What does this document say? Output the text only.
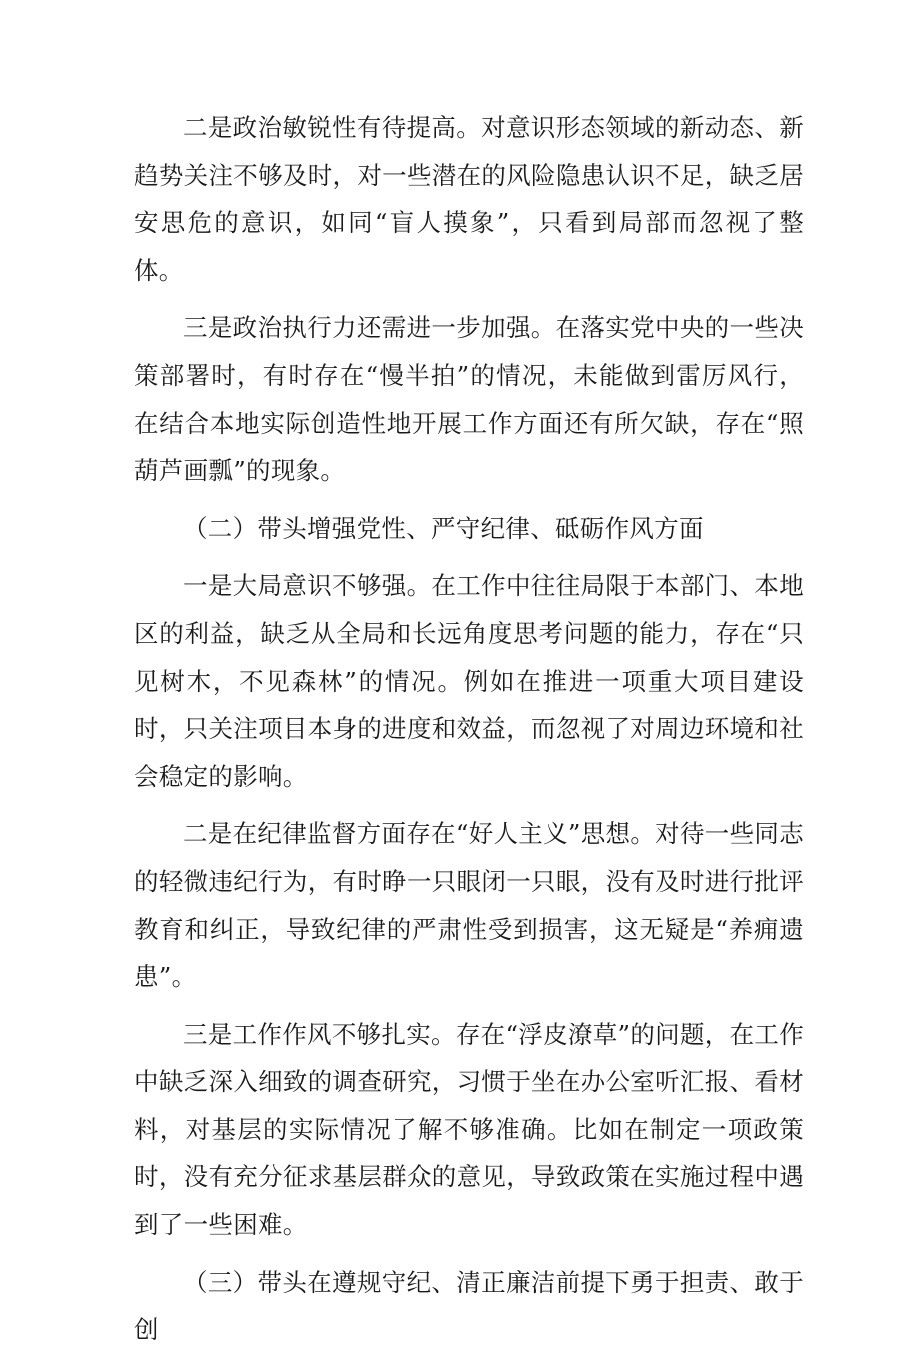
二是政治敏锐性有待提高。对意识形态领域的新动态、新趋势关注不够及时，对一些潜在的风险隐患认识不足，缺乏居安思危的意识，如同“盲人摸象”，只看到局部而忽视了整体。

三是政治执行力还需进一步加强。在落实党中央的一些决策部署时，有时存在“慢半拍”的情况，未能做到雷厉风行，在结合本地实际创造性地开展工作方面还有所欠缺，存在“照葫芦画瓢”的现象。

（二）带头增强党性、严守纪律、砥砺作风方面

一是大局意识不够强。在工作中往往局限于本部门、本地区的利益，缺乏从全局和长远角度思考问题的能力，存在“只见树木，不见森林”的情况。例如在推进一项重大项目建设时，只关注项目本身的进度和效益，而忽视了对周边环境和社会稳定的影响。

二是在纪律监督方面存在“好人主义”思想。对待一些同志的轻微违纪行为，有时睁一只眼闭一只眼，没有及时进行批评教育和纠正，导致纪律的严肃性受到损害，这无疑是“养痈遗患”。

三是工作作风不够扎实。存在“浮皮潦草”的问题，在工作中缺乏深入细致的调查研究，习惯于坐在办公室听汇报、看材料，对基层的实际情况了解不够准确。比如在制定一项政策时，没有充分征求基层群众的意见，导致政策在实施过程中遇到了一些困难。

（三）带头在遵规守纪、清正廉洁前提下勇于担责、敢于创
